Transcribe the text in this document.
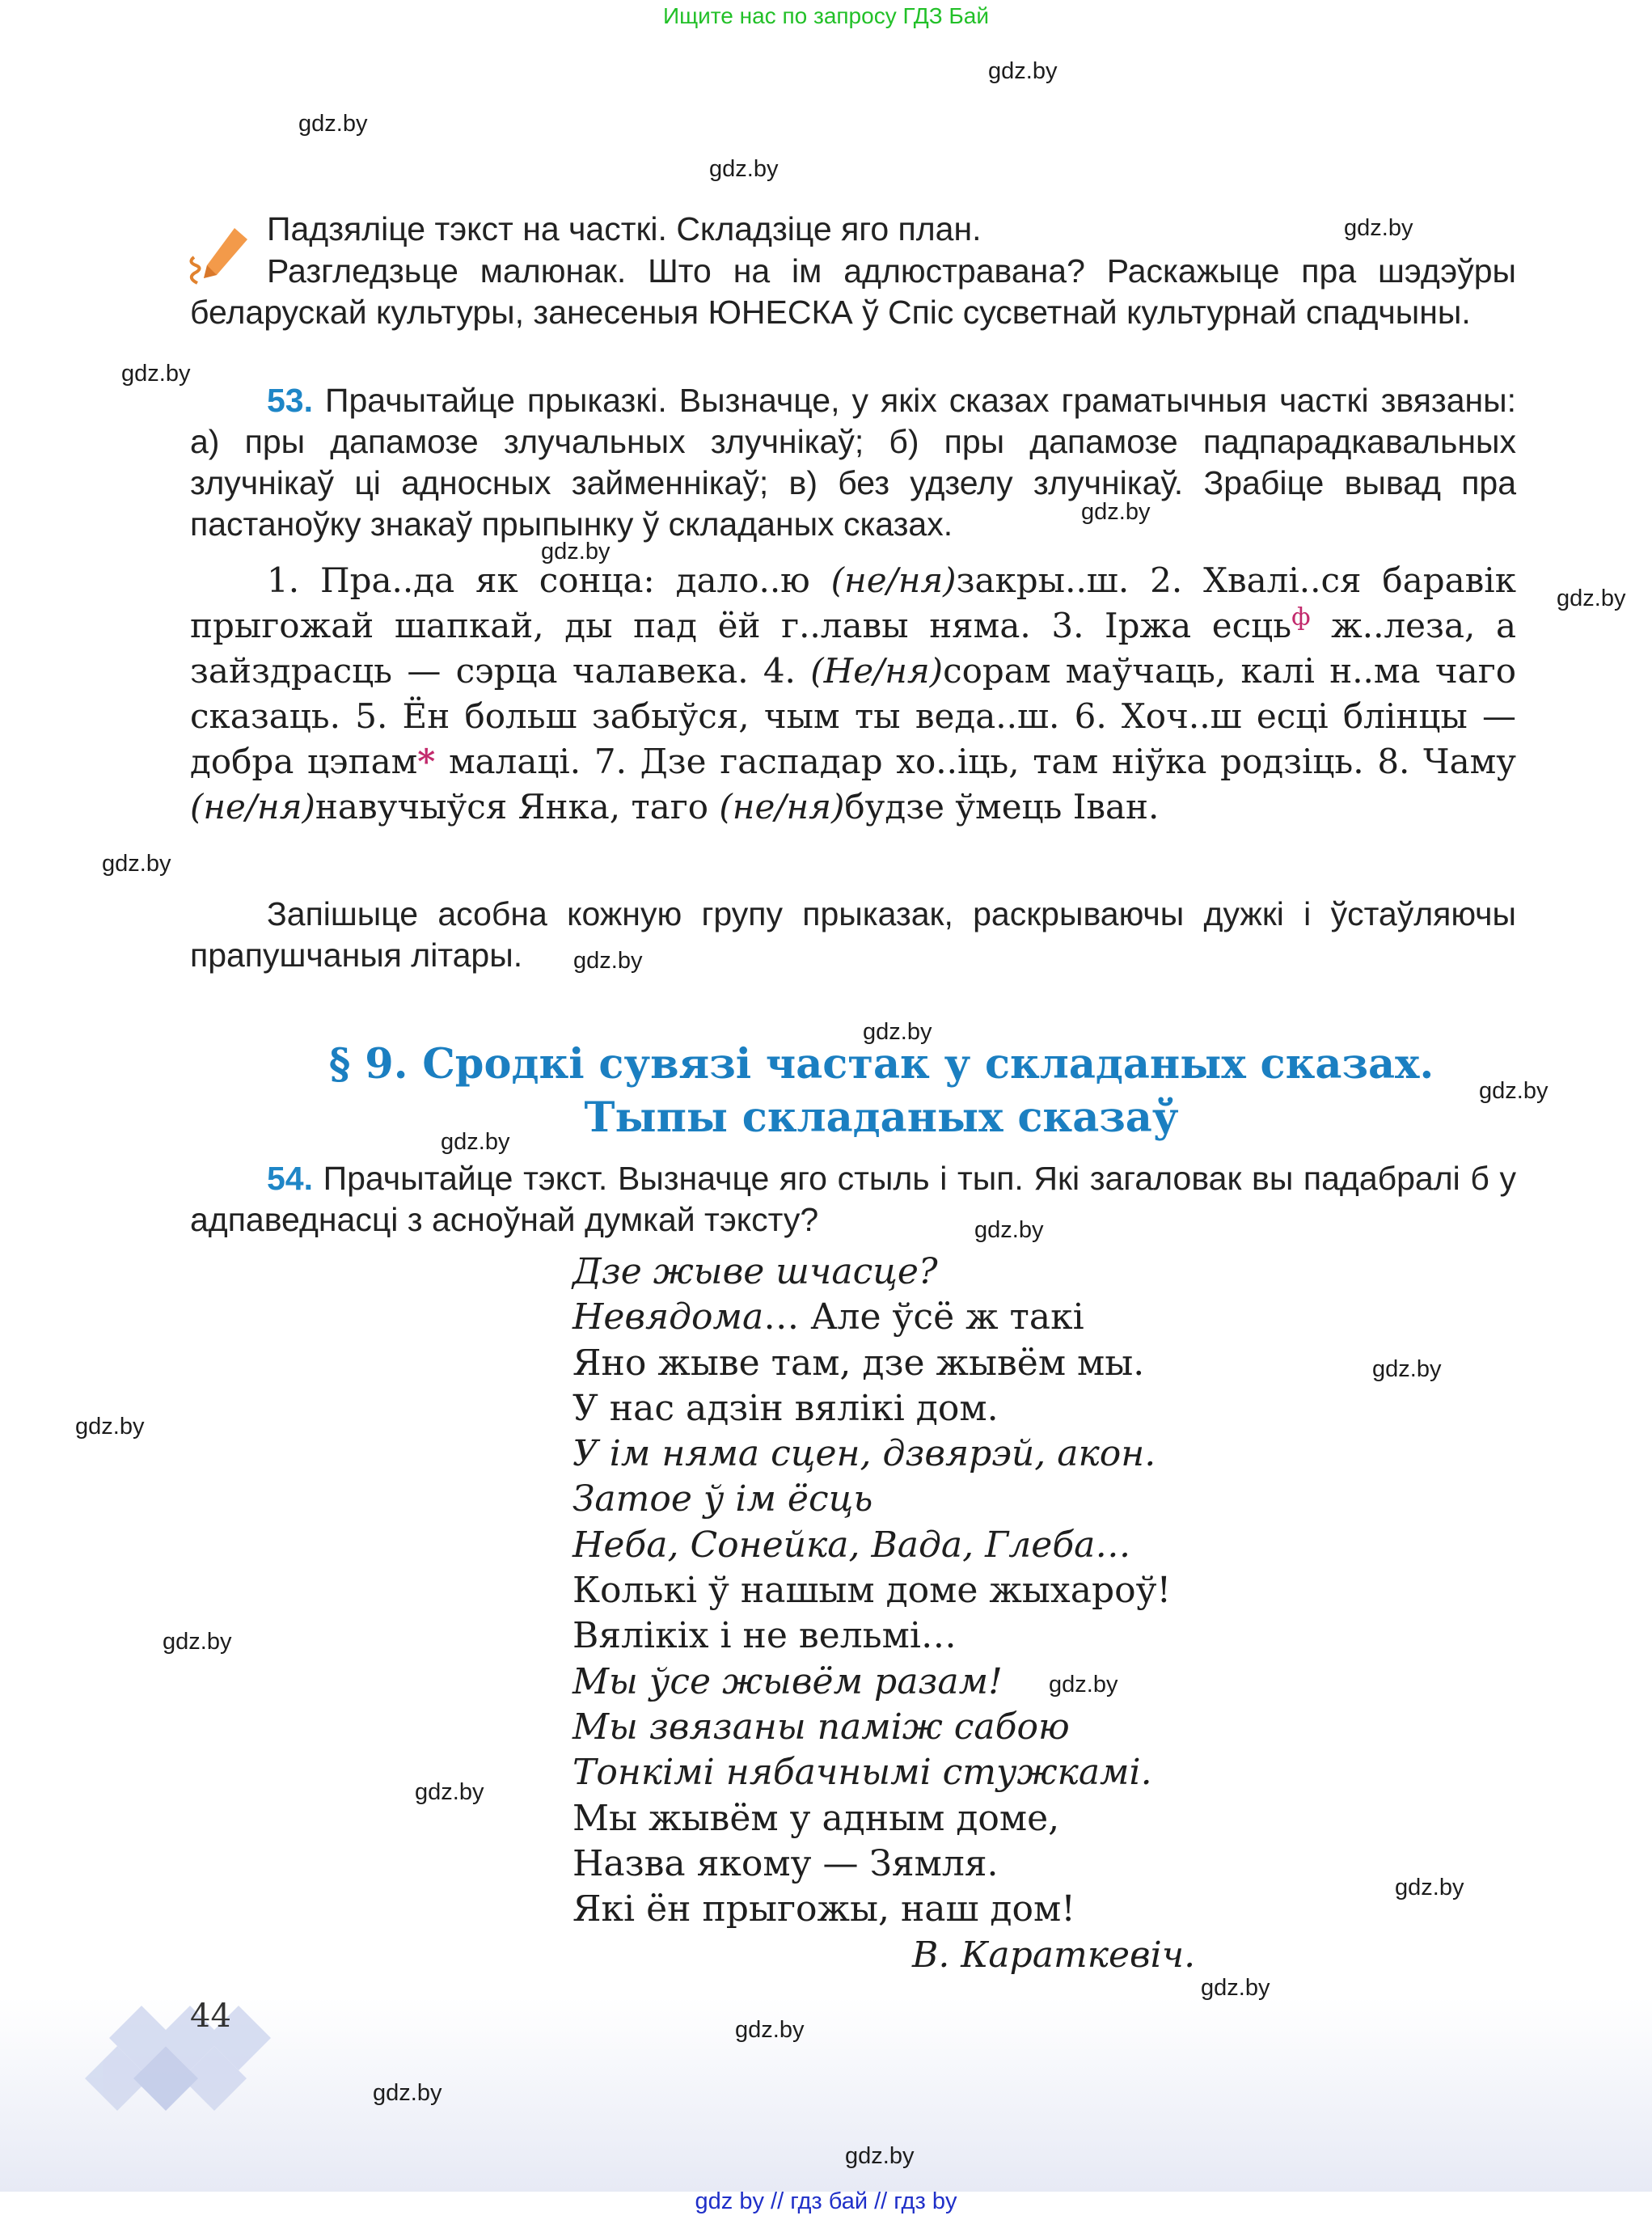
Ищите нас по запросу ГДЗ Бай
gdz.by
gdz.by
gdz.by
gdz.by
gdz.by
gdz.by
gdz.by
gdz.by
gdz.by
gdz.by
gdz.by
gdz.by
gdz.by
gdz.by
gdz.by
gdz.by
gdz.by
gdz.by
gdz.by
gdz.by
gdz.by
gdz.by
gdz.by
gdz.by
Падзяліце тэкст на часткі. Складзіце яго план.
Разгледзьце малюнак. Што на ім адлюстравана? Раскажыце пра шэдэўры беларускай культуры, занесеныя ЮНЕСКА ў Спіс сусветнай культурнай спадчыны.
53. Прачытайце прыказкі. Вызначце, у якіх сказах граматычныя часткі звязаны: а) пры дапамозе злучальных злучнікаў; б) пры дапамозе падпарадкавальных злучнікаў ці адносных займеннікаў; в) без удзелу злучнікаў. Зрабіце вывад пра пастаноўку знакаў прыпынку ў складаных сказах.
1. Пра..да як сонца: дало..ю (не/ня)закры..ш. 2. Хвалі..ся баравік прыгожай шапкай, ды пад ёй г..лавы няма. 3. Іржа есць$^ф$ ж..леза, а зайздрасць — сэрца чалавека. 4. (Не/ня)сорам маўчаць, калі н..ма чаго сказаць. 5. Ён больш забыўся, чым ты веда..ш. 6. Хоч..ш есці блінцы — добра цэпам* малаці. 7. Дзе гаспадар хо..іць, там ніўка родзіць. 8. Чаму (не/ня)навучыўся Янка, таго (не/ня)будзе ўмець Іван.
Запішыце асобна кожную групу прыказак, раскрываючы дужкі і ўстаўляючы прапушчаныя літары.
§ 9. Сродкі сувязі частак у складаных сказах.
Тыпы складаных сказаў
54. Прачытайце тэкст. Вызначце яго стыль і тып. Які загаловак вы падабралі б у адпаведнасці з асноўнай думкай тэксту?
Дзе жыве шчасце?
Невядома… Але ўсё ж такі
Яно жыве там, дзе жывём мы.
У нас адзін вялікі дом.
У ім няма сцен, дзвярэй, акон.
Затое ў ім ёсць
Неба, Сонейка, Вада, Глеба…
Колькі ў нашым доме жыхароў!
Вялікіх і не вельмі…
Мы ўсе жывём разам!
Мы звязаны паміж сабою
Тонкімі нябачнымі стужкамі.
Мы жывём у адным доме,
Назва якому — Зямля.
Які ён прыгожы, наш дом!
В. Караткевіч.
44
gdz by // гдз бай // гдз by
